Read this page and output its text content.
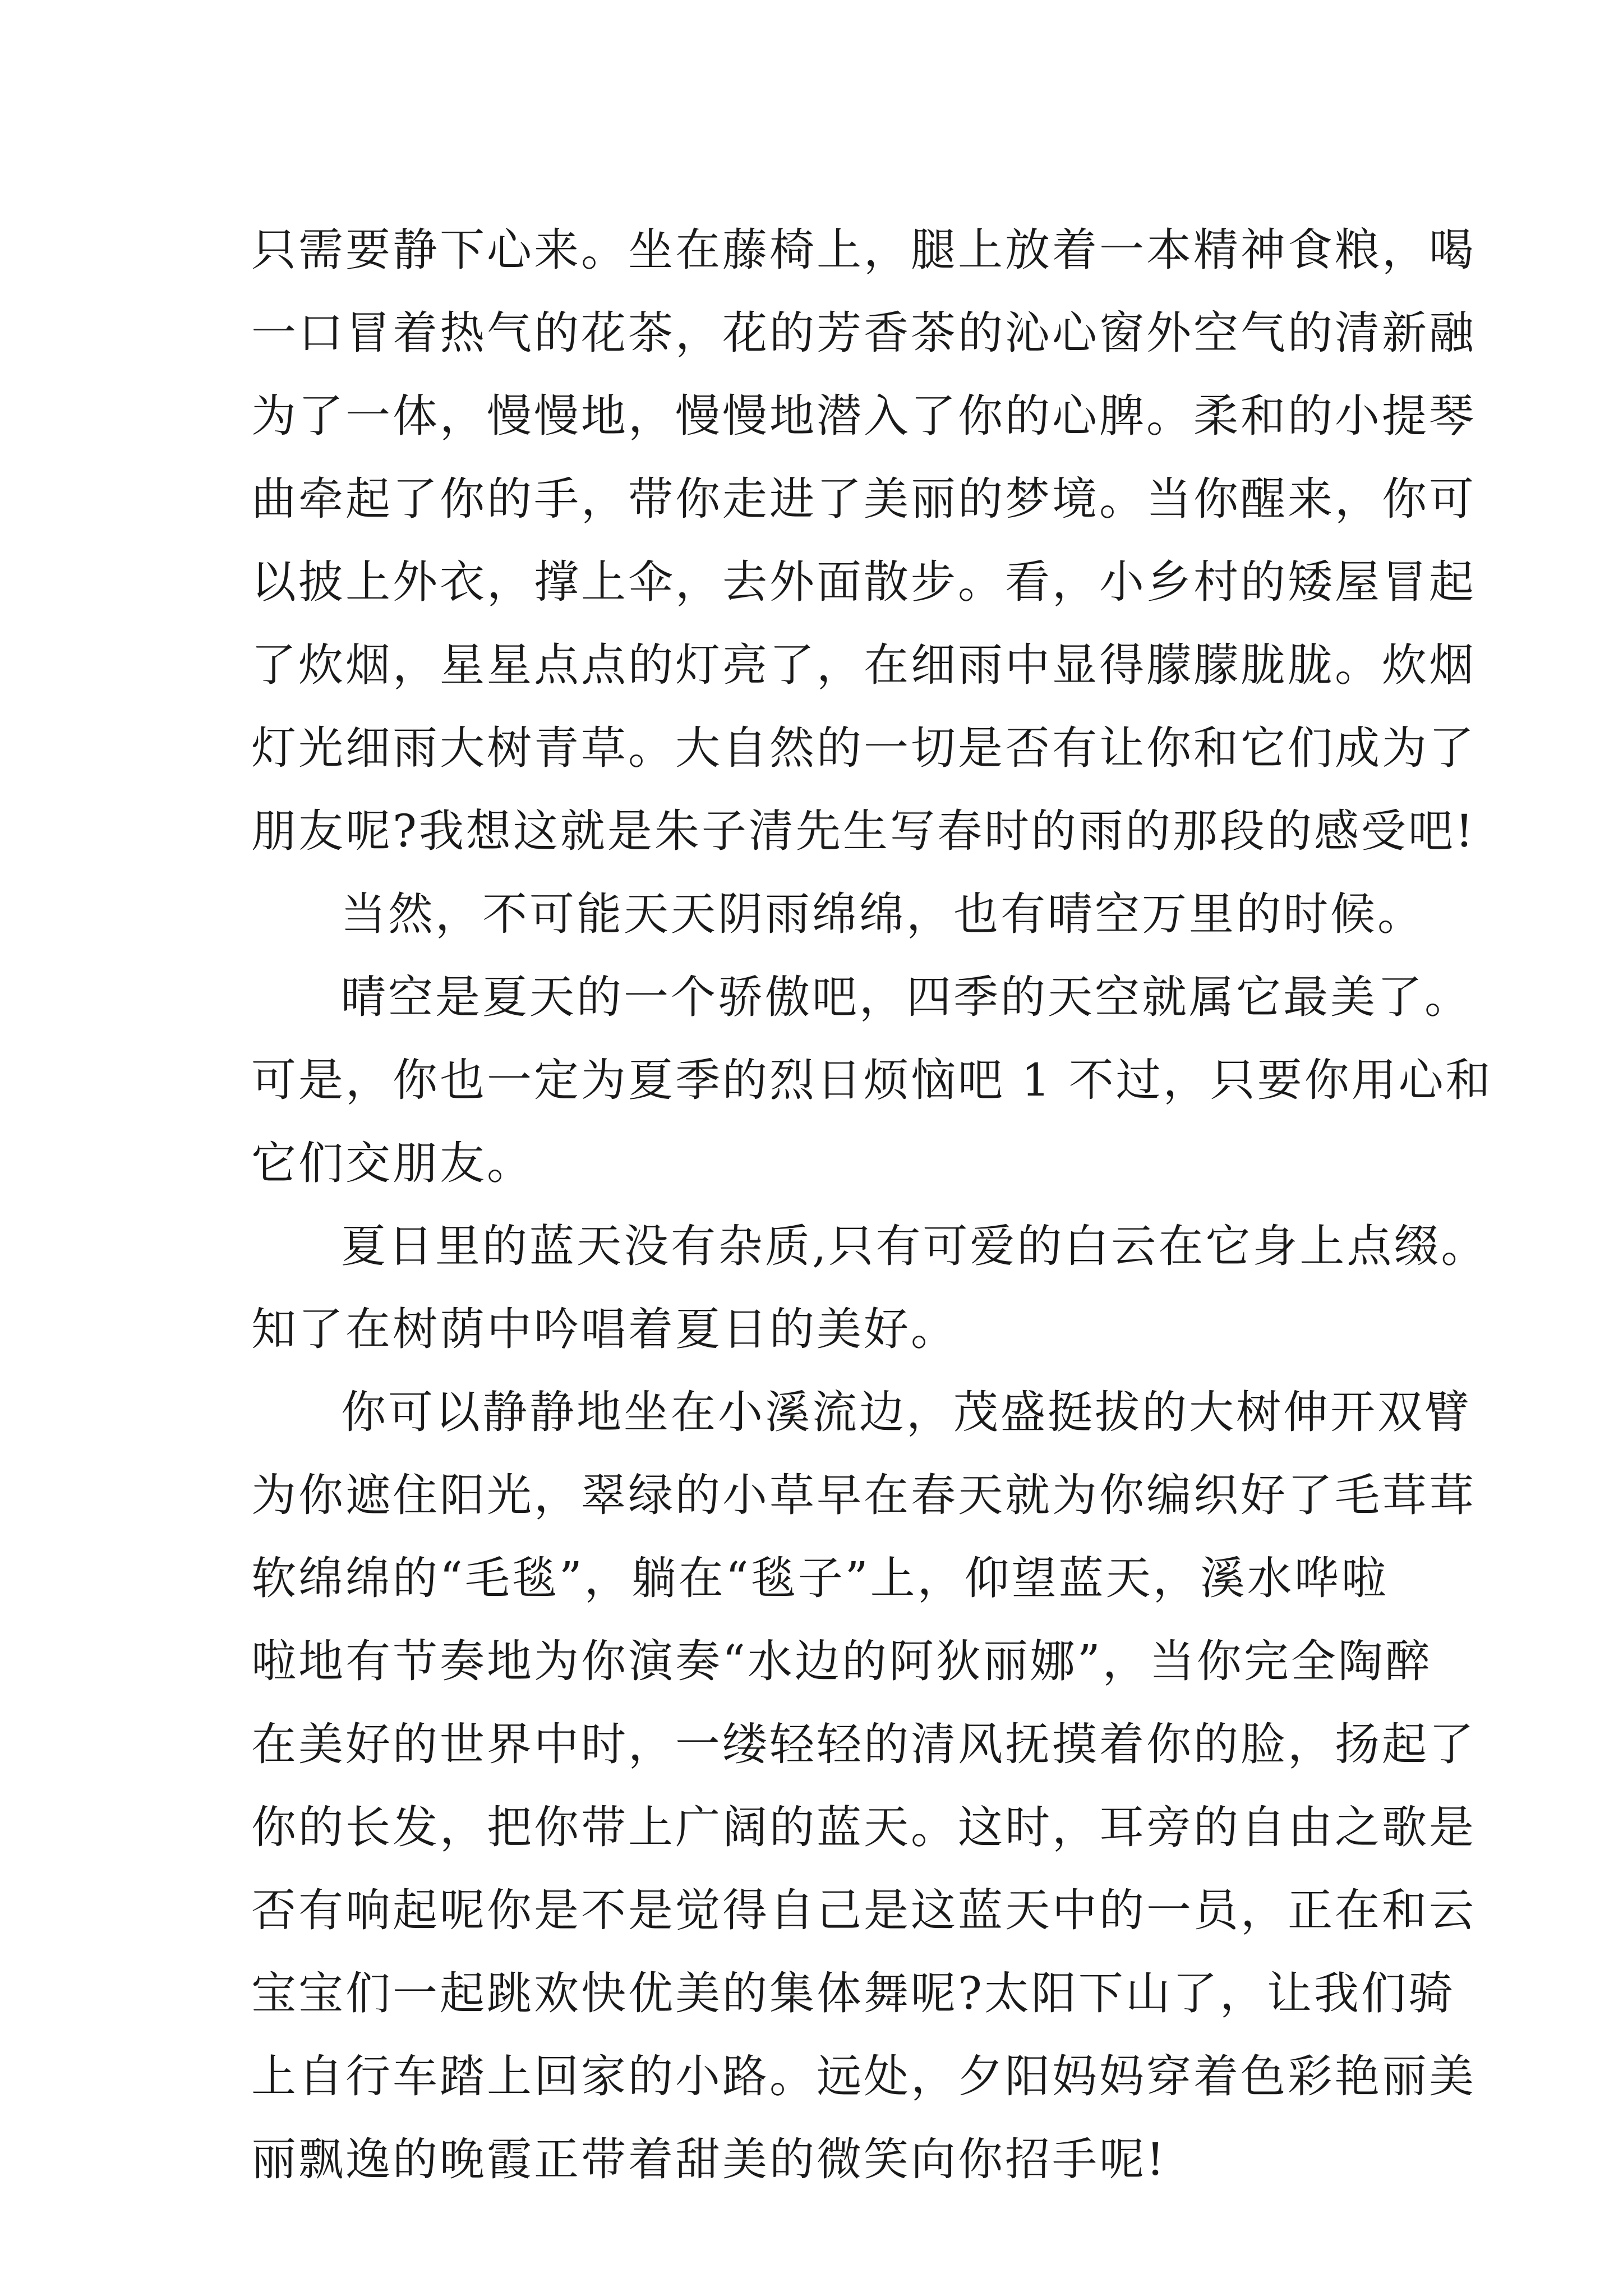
只需要静下心来。坐在藤椅上，腿上放着一本精神食粮，喝
一口冒着热气的花茶，花的芳香茶的沁心窗外空气的清新融
为了一体，慢慢地，慢慢地潜入了你的心脾。柔和的小提琴
曲牵起了你的手，带你走进了美丽的梦境。当你醒来，你可
以披上外衣，撑上伞，去外面散步。看，小乡村的矮屋冒起
了炊烟，星星点点的灯亮了，在细雨中显得朦朦胧胧。炊烟
灯光细雨大树青草。大自然的一切是否有让你和它们成为了
朋友呢?我想这就是朱子清先生写春时的雨的那段的感受吧!
当然，不可能天天阴雨绵绵，也有晴空万里的时候。
晴空是夏天的一个骄傲吧，四季的天空就属它最美了。
可是，你也一定为夏季的烈日烦恼吧 1 不过，只要你用心和
它们交朋友。
夏日里的蓝天没有杂质,只有可爱的白云在它身上点缀。
知了在树荫中吟唱着夏日的美好。
你可以静静地坐在小溪流边，茂盛挺拔的大树伸开双臂
为你遮住阳光，翠绿的小草早在春天就为你编织好了毛茸茸
软绵绵的“毛毯”，躺在“毯子”上，仰望蓝天，溪水哗啦
啦地有节奏地为你演奏“水边的阿狄丽娜”，当你完全陶醉
在美好的世界中时，一缕轻轻的清风抚摸着你的脸，扬起了
你的长发，把你带上广阔的蓝天。这时，耳旁的自由之歌是
否有响起呢你是不是觉得自己是这蓝天中的一员，正在和云
宝宝们一起跳欢快优美的集体舞呢?太阳下山了，让我们骑
上自行车踏上回家的小路。远处，夕阳妈妈穿着色彩艳丽美
丽飘逸的晚霞正带着甜美的微笑向你招手呢!
